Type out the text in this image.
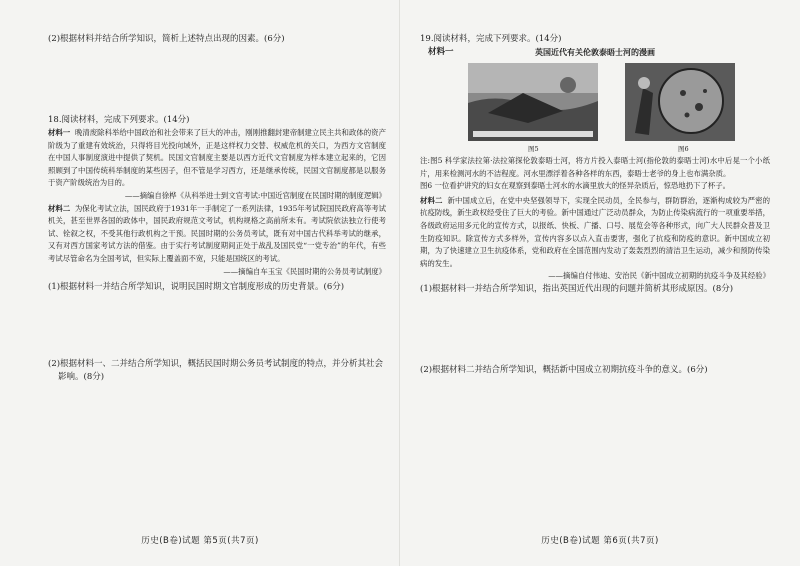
(2)根据材料并结合所学知识，简析上述特点出现的因素。(6分)
18.阅读材料，完成下列要求。(14分)
材料一 晚清废除科举给中国政治和社会带来了巨大的冲击，刚刚推翻封建帝制建立民主共和政体的资产阶级为了重建有效统治，只得将目光投向域外，正是这样权力交替、权威危机的关口，为西方文官制度在中国人事制度演进中提供了契机。民国文官制度主要是以西方近代文官制度为样本建立起来的，它因照顾到了中国传统科举制度的某些因子，但不管是学习西方，还是继承传统，民国文官制度都是以服务于资产阶级统治为目的。
——摘编自徐桦《从科举进士到文官考试:中国近官制度在民国时期的制度逻辑》
材料二 为保化考试立法，国民政府于1931年一手制定了一系列法律，1935年考试院国民政府高等考试机关，甚至世界各国的政体中，国民政府规范文考试，机构规格之高前所未有。考试院依法独立行使考试、铨叙之权，不受其他行政机构之干预。民国时期的公务员考试，既有对中国古代科举考试的继承，又有对西方国家考试方法的借鉴。由于实行考试制度期间正处于战乱及国民党“一党专治”的年代，有些考试尽管命名为全国考试，但实际上覆盖面不宽，只能是国统区的考试。
——摘编自车玉宝《民国时期的公务员考试制度》
(1)根据材料一并结合所学知识，说明民国时期文官制度形成的历史背景。(6分)
(2)根据材料一、二并结合所学知识，概括民国时期公务员考试制度的特点，并分析其社会
影响。(8分)
历史(B卷)试题 第5页(共7页)
19.阅读材料，完成下列要求。(14分)
材料一	英国近代有关伦敦泰晤士河的漫画
图5	图6
注:图5 科学家法拉第·法拉第探伦敦泰晤士河，将方片投入泰晤士河(指伦敦的泰晤士河)水中后晃一个小纸片，用来检测河水的不洁程度。河水里漂浮着各种各样的东西，泰晤士老爷的身上也布满杂质。
图6 一位看护讲究的妇女在观察到泰晤士河水的水滴里放大的怪异杂质后，惊恐地扔下了杯子。
材料二 新中国成立后，在党中央坚强领导下，实现全民动员，全民参与，群防群治，逐渐构成较为严密的抗疫防线，新生政权经受住了巨大的考验。新中国通过广泛动员群众，为防止传染病流行的一项重要举措，各级政府运用多元化的宣传方式，以报纸、快板、广播、口号、展览会等各种形式，向广大人民群众普及卫生防疫知识。除宣传方式多样外，宣传内容多以点入直击要害，强化了抗疫和防疫的意识。新中国成立初期，为了快速建立卫生抗疫体系，党和政府在全国范围内发动了轰轰烈烈的清洁卫生运动，减少和预防传染病的发生。
——摘编自付伟迪、安治民《新中国成立初期的抗疫斗争及其经验》
(1)根据材料一并结合所学知识，指出英国近代出现的问题并简析其形成原因。(8分)
(2)根据材料二并结合所学知识，概括新中国成立初期抗疫斗争的意义。(6分)
历史(B卷)试题 第6页(共7页)
